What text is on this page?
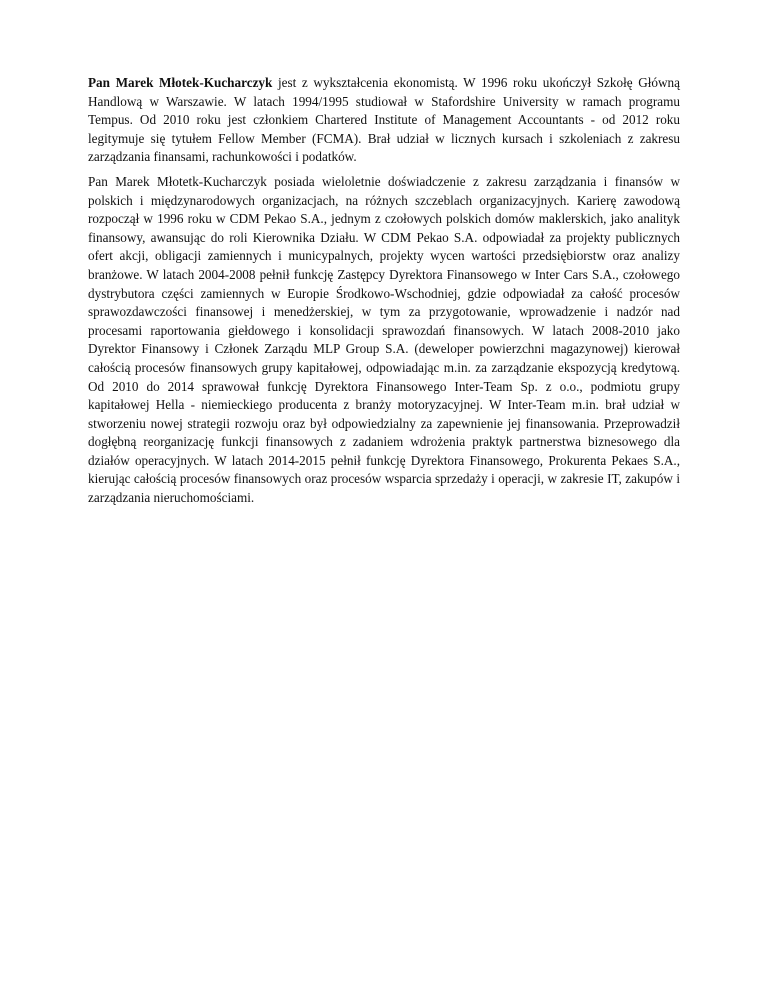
Pan Marek Młotek-Kucharczyk jest z wykształcenia ekonomistą. W 1996 roku ukończył Szkołę Główną Handlową w Warszawie. W latach 1994/1995 studiował w Stafordshire University w ramach programu Tempus. Od 2010 roku jest członkiem Chartered Institute of Management Accountants - od 2012 roku legitymuje się tytułem Fellow Member (FCMA). Brał udział w licznych kursach i szkoleniach z zakresu zarządzania finansami, rachunkowości i podatków.

Pan Marek Młotetk-Kucharczyk posiada wieloletnie doświadczenie z zakresu zarządzania i finansów w polskich i międzynarodowych organizacjach, na różnych szczeblach organizacyjnych. Karierę zawodową rozpoczął w 1996 roku w CDM Pekao S.A., jednym z czołowych polskich domów maklerskich, jako analityk finansowy, awansując do roli Kierownika Działu. W CDM Pekao S.A. odpowiadał za projekty publicznych ofert akcji, obligacji zamiennych i municypalnych, projekty wycen wartości przedsiębiorstw oraz analizy branżowe. W latach 2004-2008 pełnił funkcję Zastępcy Dyrektora Finansowego w Inter Cars S.A., czołowego dystrybutora części zamiennych w Europie Środkowo-Wschodniej, gdzie odpowiadał za całość procesów sprawozdawczości finansowej i menedżerskiej, w tym za przygotowanie, wprowadzenie i nadzór nad procesami raportowania giełdowego i konsolidacji sprawozdań finansowych. W latach 2008-2010 jako Dyrektor Finansowy i Członek Zarządu MLP Group S.A. (deweloper powierzchni magazynowej) kierował całością procesów finansowych grupy kapitałowej, odpowiadając m.in. za zarządzanie ekspozycją kredytową. Od 2010 do 2014 sprawował funkcję Dyrektora Finansowego Inter-Team Sp. z o.o., podmiotu grupy kapitałowej Hella - niemieckiego producenta z branży motoryzacyjnej. W Inter-Team m.in. brał udział w stworzeniu nowej strategii rozwoju oraz był odpowiedzialny za zapewnienie jej finansowania. Przeprowadził dogłębną reorganizację funkcji finansowych z zadaniem wdrożenia praktyk partnerstwa biznesowego dla działów operacyjnych. W latach 2014-2015 pełnił funkcję Dyrektora Finansowego, Prokurenta Pekaes S.A., kierując całością procesów finansowych oraz procesów wsparcia sprzedaży i operacji, w zakresie IT, zakupów i zarządzania nieruchomościami.
